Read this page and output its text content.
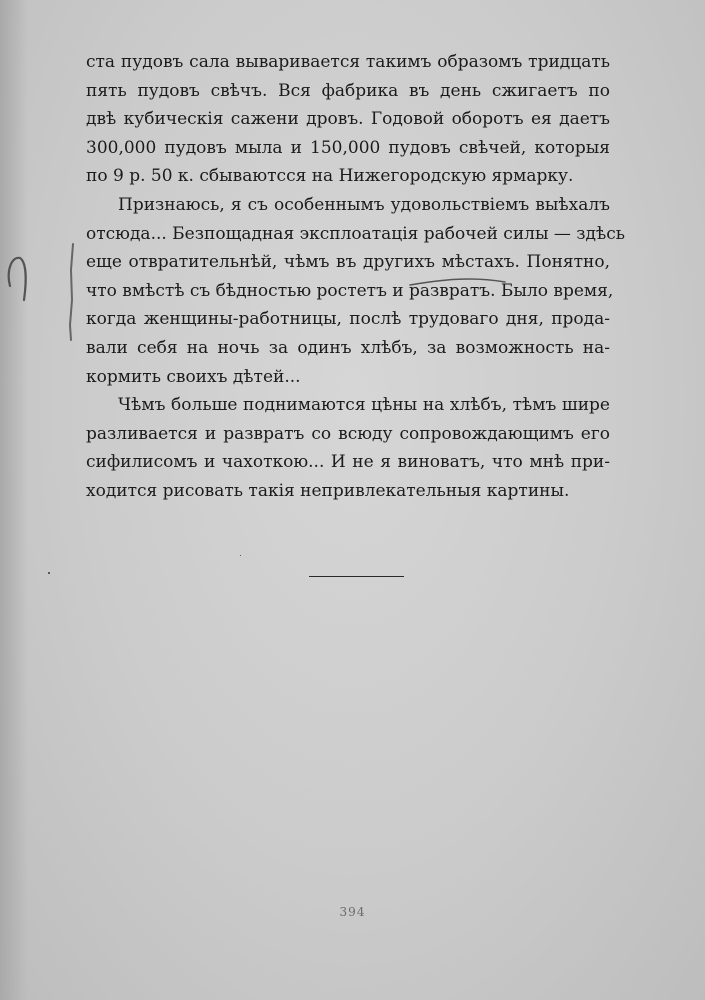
ста пудовъ сала вывариваетcя такимъ образомъ тридцать
пять пудовъ свѣчъ. Вся фабрика въ день сжигаетъ по
двѣ кубическія сажени дровъ. Годовой оборотъ ея даетъ
300,000 пудовъ мыла и 150,000 пудовъ свѣчей, которыя
по 9 р. 50 к. сбываютсся на Нижегородскую ярмарку.

Признаюсь, я съ особеннымъ удовольствіемъ выѣхалъ
отсюда... Безпощадная эксплоатація рабочей силы — здѣсь
еще отвратительнѣй, чѣмъ въ другихъ мѣстахъ. Понятно,
что вмѣстѣ съ бѣдностью ростетъ и развратъ. Было время,
когда женщины-работницы, послѣ трудоваго дня, прода-
вали себя на ночь за одинъ хлѣбъ, за возможность на-
кормить своихъ дѣтей...

Чѣмъ больше поднимаются цѣны на хлѣбъ, тѣмъ шире
разливается и развратъ со всюду сопровождающимъ его
сифилисомъ и чахоткою... И не я виноватъ, что мнѣ при-
ходится рисовать такія непривлекательныя картины.

394
